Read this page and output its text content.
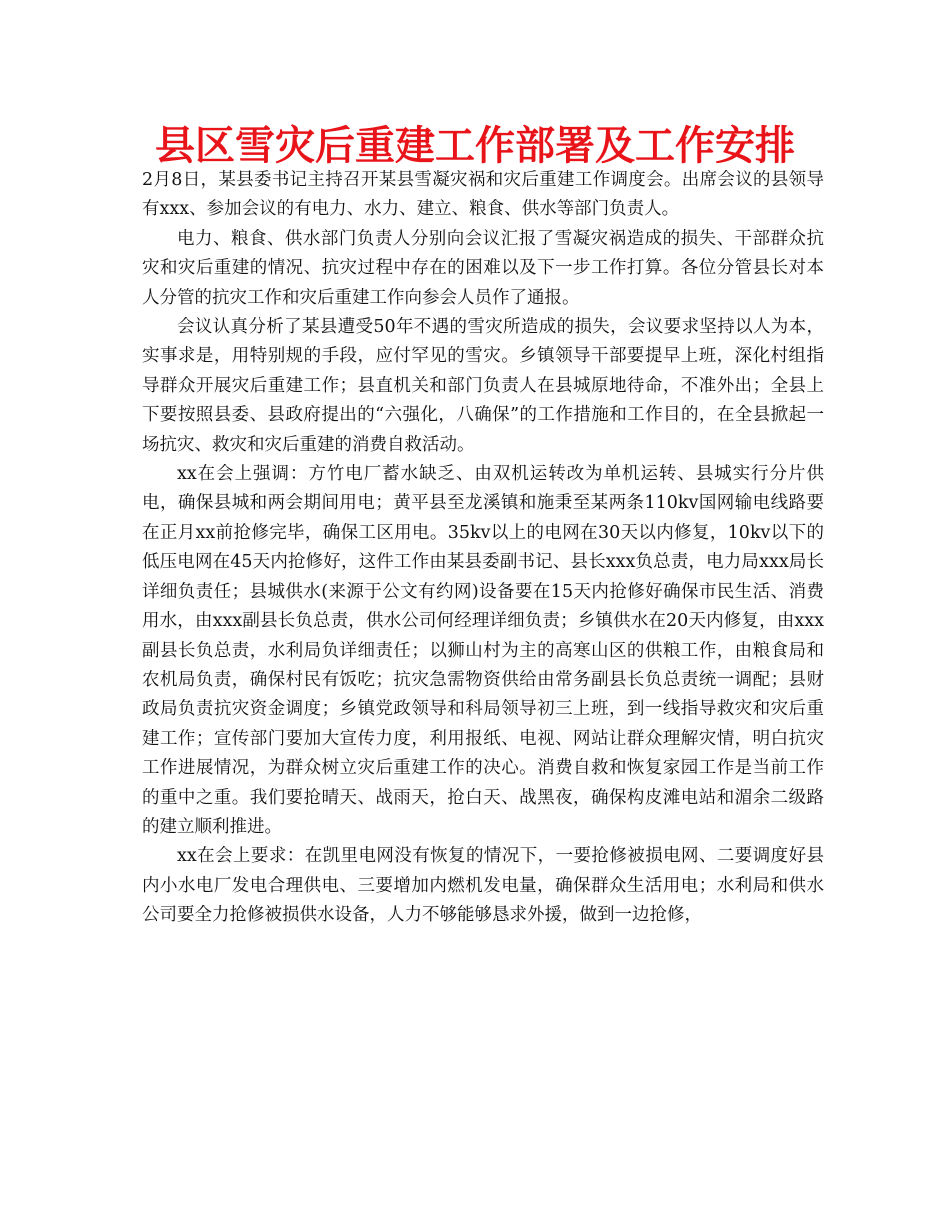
县区雪灾后重建工作部署及工作安排

2月8日，某县委书记主持召开某县雪凝灾祸和灾后重建工作调度会。出席会议的县领导有xxx、参加会议的有电力、水力、建立、粮食、供水等部门负责人。

电力、粮食、供水部门负责人分别向会议汇报了雪凝灾祸造成的损失、干部群众抗灾和灾后重建的情况、抗灾过程中存在的困难以及下一步工作打算。各位分管县长对本人分管的抗灾工作和灾后重建工作向参会人员作了通报。

会议认真分析了某县遭受50年不遇的雪灾所造成的损失，会议要求坚持以人为本，实事求是，用特别规的手段，应付罕见的雪灾。乡镇领导干部要提早上班，深化村组指导群众开展灾后重建工作；县直机关和部门负责人在县城原地待命，不准外出；全县上下要按照县委、县政府提出的“六强化，八确保”的工作措施和工作目的，在全县掀起一场抗灾、救灾和灾后重建的消费自救活动。

xx在会上强调：方竹电厂蓄水缺乏、由双机运转改为单机运转、县城实行分片供电，确保县城和两会期间用电；黄平县至龙溪镇和施秉至某两条110kv国网输电线路要在正月xx前抢修完毕，确保工区用电。35kv以上的电网在30天以内修复，10kv以下的低压电网在45天内抢修好，这件工作由某县委副书记、县长xxx负总责，电力局xxx局长详细负责任；县城供水(来源于公文有约网)设备要在15天内抢修好确保市民生活、消费用水，由xxx副县长负总责，供水公司何经理详细负责；乡镇供水在20天内修复，由xxx副县长负总责，水利局负详细责任；以狮山村为主的高寒山区的供粮工作，由粮食局和农机局负责，确保村民有饭吃；抗灾急需物资供给由常务副县长负总责统一调配；县财政局负责抗灾资金调度；乡镇党政领导和科局领导初三上班，到一线指导救灾和灾后重建工作；宣传部门要加大宣传力度，利用报纸、电视、网站让群众理解灾情，明白抗灾工作进展情况，为群众树立灾后重建工作的决心。消费自救和恢复家园工作是当前工作的重中之重。我们要抢晴天、战雨天，抢白天、战黑夜，确保构皮滩电站和湄余二级路的建立顺利推进。

xx在会上要求：在凯里电网没有恢复的情况下，一要抢修被损电网、二要调度好县内小水电厂发电合理供电、三要增加内燃机发电量，确保群众生活用电；水利局和供水公司要全力抢修被损供水设备，人力不够能够恳求外援，做到一边抢修，
